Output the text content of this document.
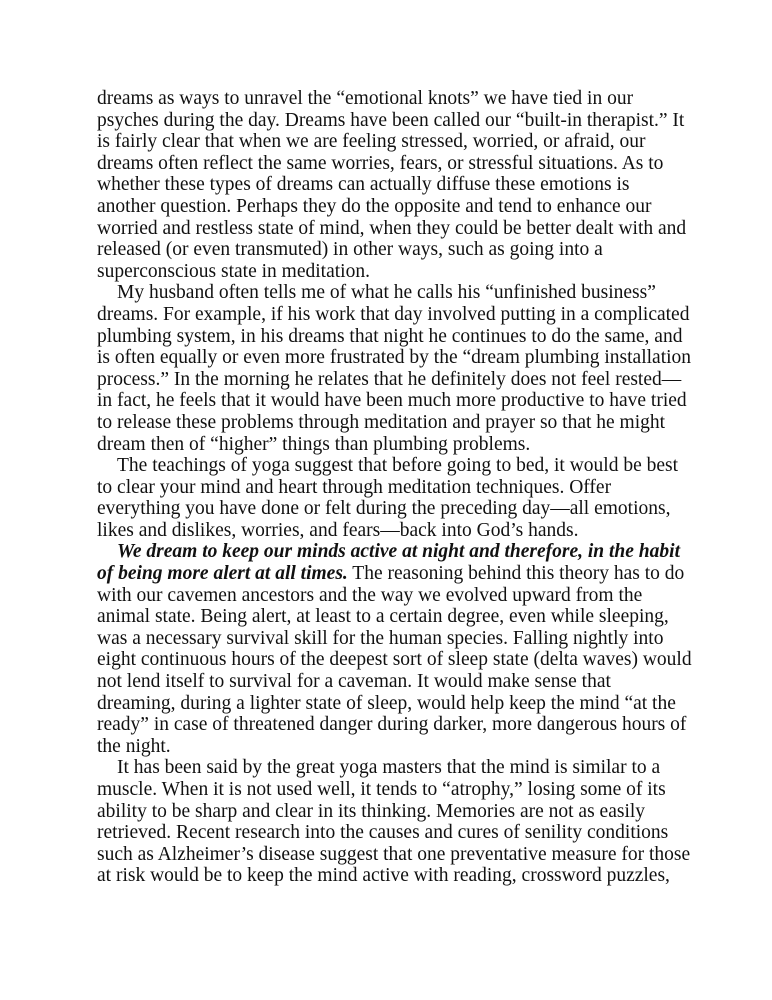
dreams as ways to unravel the “emotional knots” we have tied in our
psyches during the day. Dreams have been called our “built-in therapist.” It
is fairly clear that when we are feeling stressed, worried, or afraid, our
dreams often reflect the same worries, fears, or stressful situations. As to
whether these types of dreams can actually diffuse these emotions is
another question. Perhaps they do the opposite and tend to enhance our
worried and restless state of mind, when they could be better dealt with and
released (or even transmuted) in other ways, such as going into a
superconscious state in meditation.
My husband often tells me of what he calls his “unfinished business”
dreams. For example, if his work that day involved putting in a complicated
plumbing system, in his dreams that night he continues to do the same, and
is often equally or even more frustrated by the “dream plumbing installation
process.” In the morning he relates that he definitely does not feel rested—
in fact, he feels that it would have been much more productive to have tried
to release these problems through meditation and prayer so that he might
dream then of “higher” things than plumbing problems.
The teachings of yoga suggest that before going to bed, it would be best
to clear your mind and heart through meditation techniques. Offer
everything you have done or felt during the preceding day—all emotions,
likes and dislikes, worries, and fears—back into God’s hands.
We dream to keep our minds active at night and therefore, in the habit
of being more alert at all times. The reasoning behind this theory has to do
with our cavemen ancestors and the way we evolved upward from the
animal state. Being alert, at least to a certain degree, even while sleeping,
was a necessary survival skill for the human species. Falling nightly into
eight continuous hours of the deepest sort of sleep state (delta waves) would
not lend itself to survival for a caveman. It would make sense that
dreaming, during a lighter state of sleep, would help keep the mind “at the
ready” in case of threatened danger during darker, more dangerous hours of
the night.
It has been said by the great yoga masters that the mind is similar to a
muscle. When it is not used well, it tends to “atrophy,” losing some of its
ability to be sharp and clear in its thinking. Memories are not as easily
retrieved. Recent research into the causes and cures of senility conditions
such as Alzheimer’s disease suggest that one preventative measure for those
at risk would be to keep the mind active with reading, crossword puzzles,
